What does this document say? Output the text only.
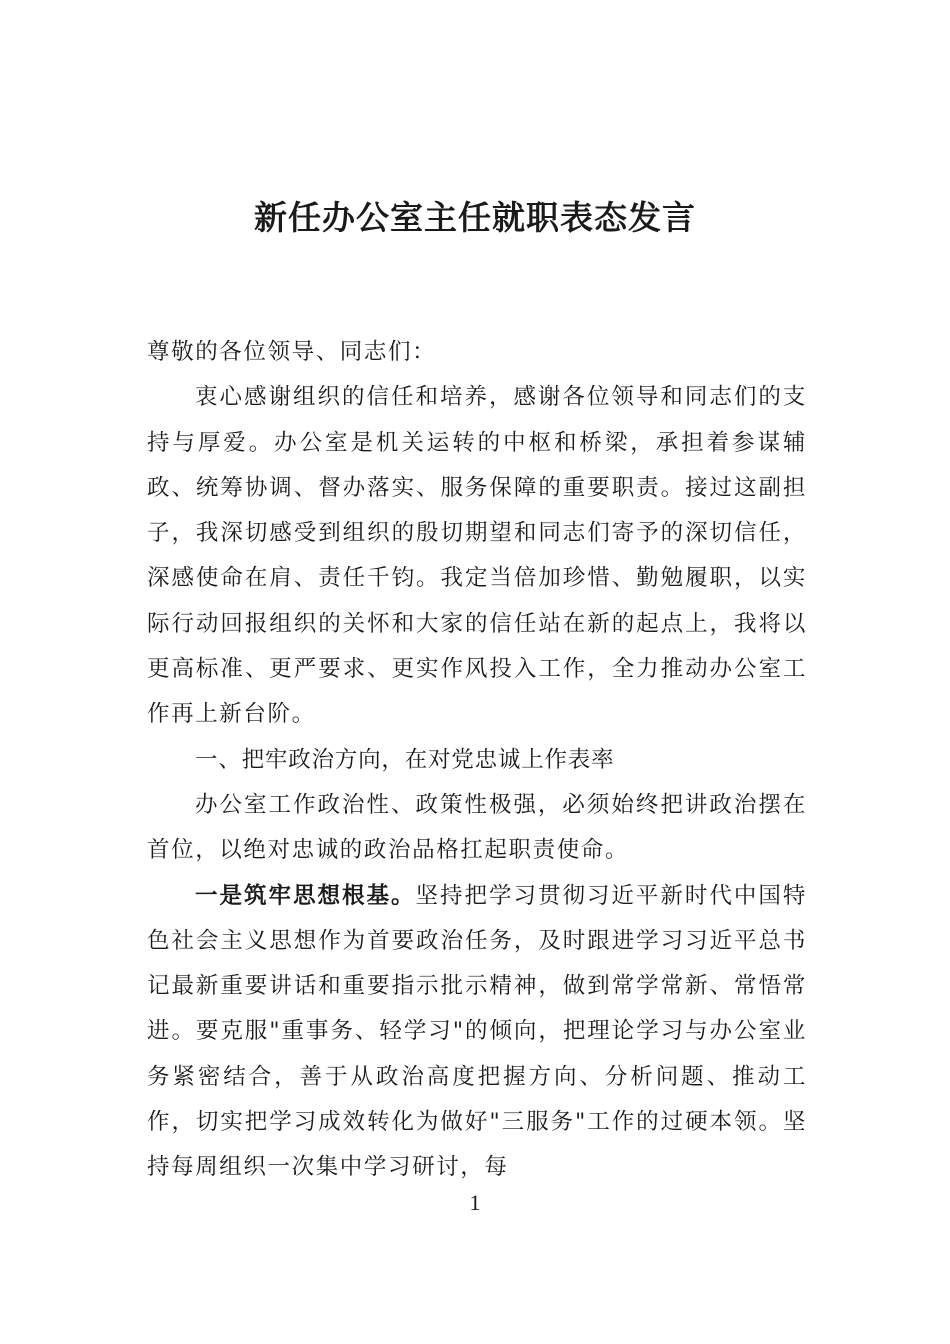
新任办公室主任就职表态发言

尊敬的各位领导、同志们：

衷心感谢组织的信任和培养，感谢各位领导和同志们的支持与厚爱。办公室是机关运转的中枢和桥梁，承担着参谋辅政、统筹协调、督办落实、服务保障的重要职责。接过这副担子，我深切感受到组织的殷切期望和同志们寄予的深切信任，深感使命在肩、责任千钧。我定当倍加珍惜、勤勉履职，以实际行动回报组织的关怀和大家的信任站在新的起点上，我将以更高标准、更严要求、更实作风投入工作，全力推动办公室工作再上新台阶。

一、把牢政治方向，在对党忠诚上作表率

办公室工作政治性、政策性极强，必须始终把讲政治摆在首位，以绝对忠诚的政治品格扛起职责使命。

一是筑牢思想根基。坚持把学习贯彻习近平新时代中国特色社会主义思想作为首要政治任务，及时跟进学习习近平总书记最新重要讲话和重要指示批示精神，做到常学常新、常悟常进。要克服"重事务、轻学习"的倾向，把理论学习与办公室业务紧密结合，善于从政治高度把握方向、分析问题、推动工作，切实把学习成效转化为做好"三服务"工作的过硬本领。坚持每周组织一次集中学习研讨，每

1
